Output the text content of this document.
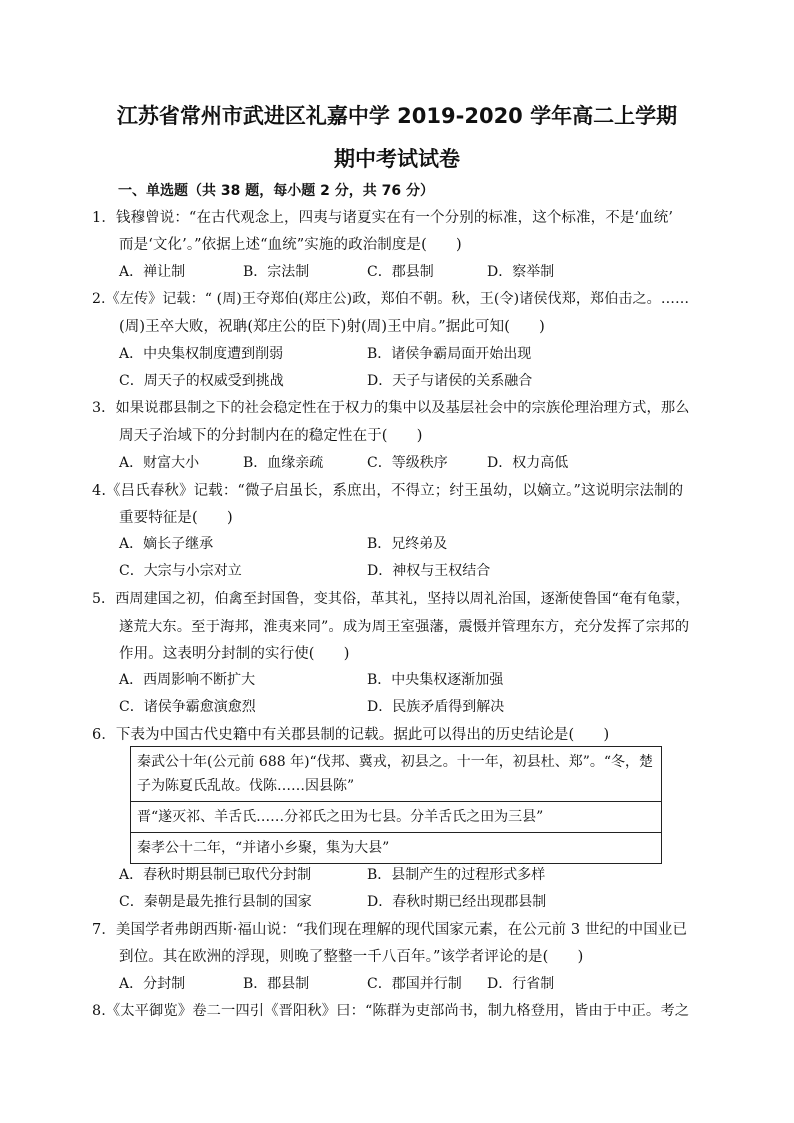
江苏省常州市武进区礼嘉中学 2019-2020 学年高二上学期
期中考试试卷
一、单选题（共 38 题，每小题 2 分，共 76 分）
1．钱穆曾说：“在古代观念上，四夷与诸夏实在有一个分别的标准，这个标准，不是‘血统’
而是‘文化’。”依据上述“血统”实施的政治制度是(　　)
A．禅让制	B．宗法制	C．郡县制	D．察举制
2.《左传》记载：“ (周)王夺郑伯(郑庄公)政，郑伯不朝。秋，王(令)诸侯伐郑，郑伯击之。……
(周)王卒大败，祝聃(郑庄公的臣下)射(周)王中肩。”据此可知(　　)
A．中央集权制度遭到削弱	B．诸侯争霸局面开始出现
C．周天子的权威受到挑战	D．天子与诸侯的关系融合
3．如果说郡县制之下的社会稳定性在于权力的集中以及基层社会中的宗族伦理治理方式，那么
周天子治域下的分封制内在的稳定性在于(　　)
A．财富大小	B．血缘亲疏	C．等级秩序	D．权力高低
4.《吕氏春秋》记载：“微子启虽长，系庶出，不得立；纣王虽幼，以嫡立。”这说明宗法制的
重要特征是(　　)
A．嫡长子继承	B．兄终弟及
C．大宗与小宗对立	D．神权与王权结合
5．西周建国之初，伯禽至封国鲁，变其俗，革其礼，坚持以周礼治国，逐渐使鲁国“奄有龟蒙，
遂荒大东。至于海邦，淮夷来同”。成为周王室强藩，震慑并管理东方，充分发挥了宗邦的
作用。这表明分封制的实行使(　　)
A．西周影响不断扩大	B．中央集权逐渐加强
C．诸侯争霸愈演愈烈	D．民族矛盾得到解决
6．下表为中国古代史籍中有关郡县制的记载。据此可以得出的历史结论是(　　)
秦武公十年(公元前 688 年)“伐邦、冀戎，初县之。十一年，初县杜、郑”。“冬，楚子为陈夏氏乱故。伐陈……因县陈”
晋“遂灭祁、羊舌氏……分祁氏之田为七县。分羊舌氏之田为三县”
秦孝公十二年，“并诸小乡聚，集为大县”
A．春秋时期县制已取代分封制	B．县制产生的过程形式多样
C．秦朝是最先推行县制的国家	D．春秋时期已经出现郡县制
7．美国学者弗朗西斯·福山说：“我们现在理解的现代国家元素，在公元前 3 世纪的中国业已
到位。其在欧洲的浮现，则晚了整整一千八百年。”该学者评论的是(　　)
A．分封制	B．郡县制	C．郡国并行制 D．行省制
8.《太平御览》卷二一四引《晋阳秋》曰：“陈群为吏部尚书，制九格登用，皆由于中正。考之
